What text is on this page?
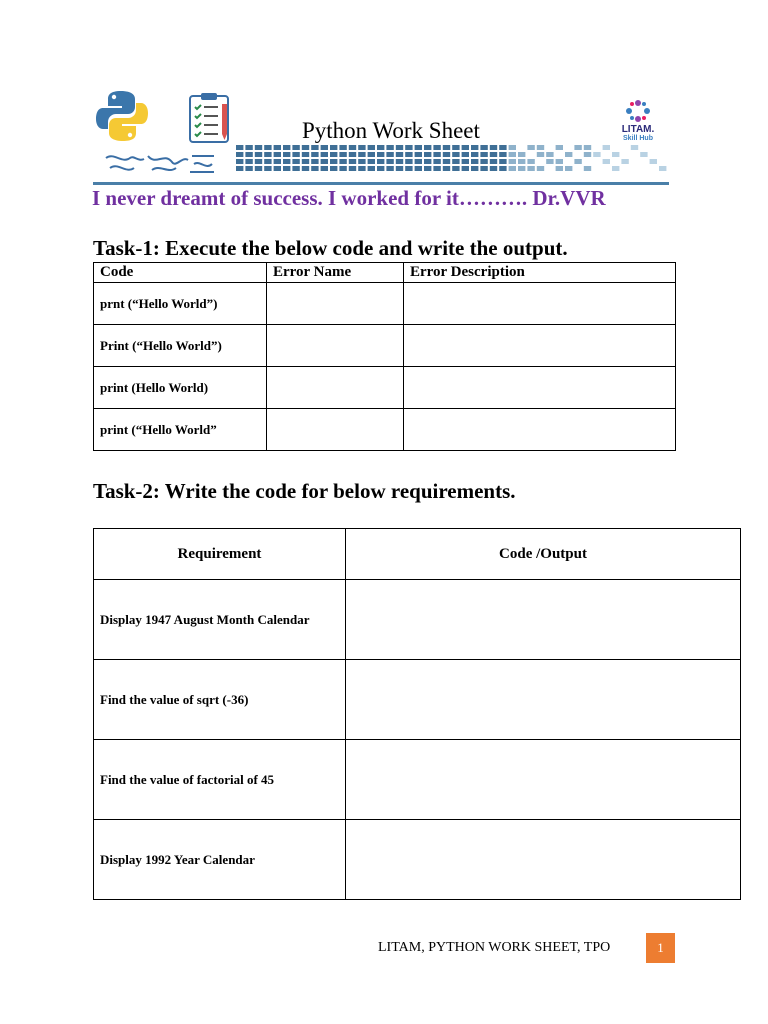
Python Work Sheet	LITAM.
Skill Hub
I never dreamt of success. I worked for it………. Dr.VVR
Task-1: Execute the below code and write the output.
Code	Error Name	Error Description
prnt (“Hello World”)		
Print (“Hello World”)		
print (Hello World)		
print (“Hello World”		
Task-2: Write the code for below requirements.
Requirement	Code /Output
Display 1947 August Month Calendar	
Find the value of sqrt (-36)	
Find the value of factorial of 45	
Display 1992 Year Calendar	
LITAM, PYTHON WORK SHEET, TPO	1
